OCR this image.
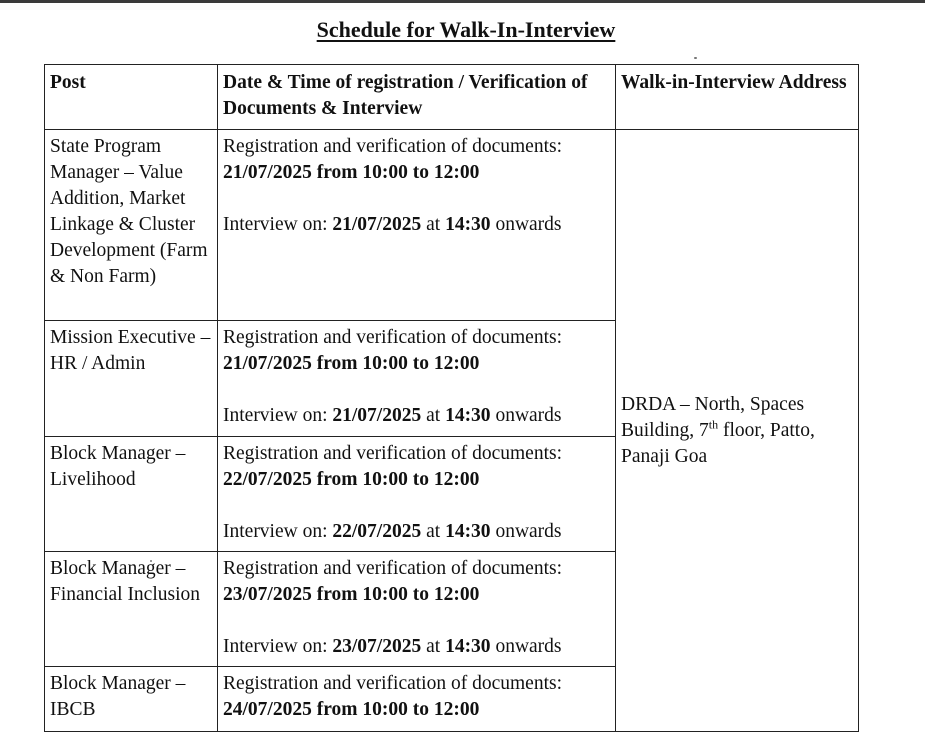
Schedule for Walk-In-Interview
Post	Date & Time of registration / Verification of Documents & Interview	Walk-in-Interview Address
State Program Manager – Value Addition, Market Linkage & Cluster Development (Farm & Non Farm)	Registration and verification of documents:
21/07/2025 from 10:00 to 12:00
Interview on: 21/07/2025 at 14:30 onwards	DRDA – North, Spaces
Building, 7th floor, Patto,
Panaji Goa

Mission Executive – HR / Admin	Registration and verification of documents:
21/07/2025 from 10:00 to 12:00
Interview on: 21/07/2025 at 14:30 onwards	

Block Manager – Livelihood	Registration and verification of documents:
22/07/2025 from 10:00 to 12:00
Interview on: 22/07/2025 at 14:30 onwards	

Block Manager – Financial Inclusion	Registration and verification of documents:
23/07/2025 from 10:00 to 12:00
Interview on: 23/07/2025 at 14:30 onwards	

Block Manager – IBCB	Registration and verification of documents:
24/07/2025 from 10:00 to 12:00	
